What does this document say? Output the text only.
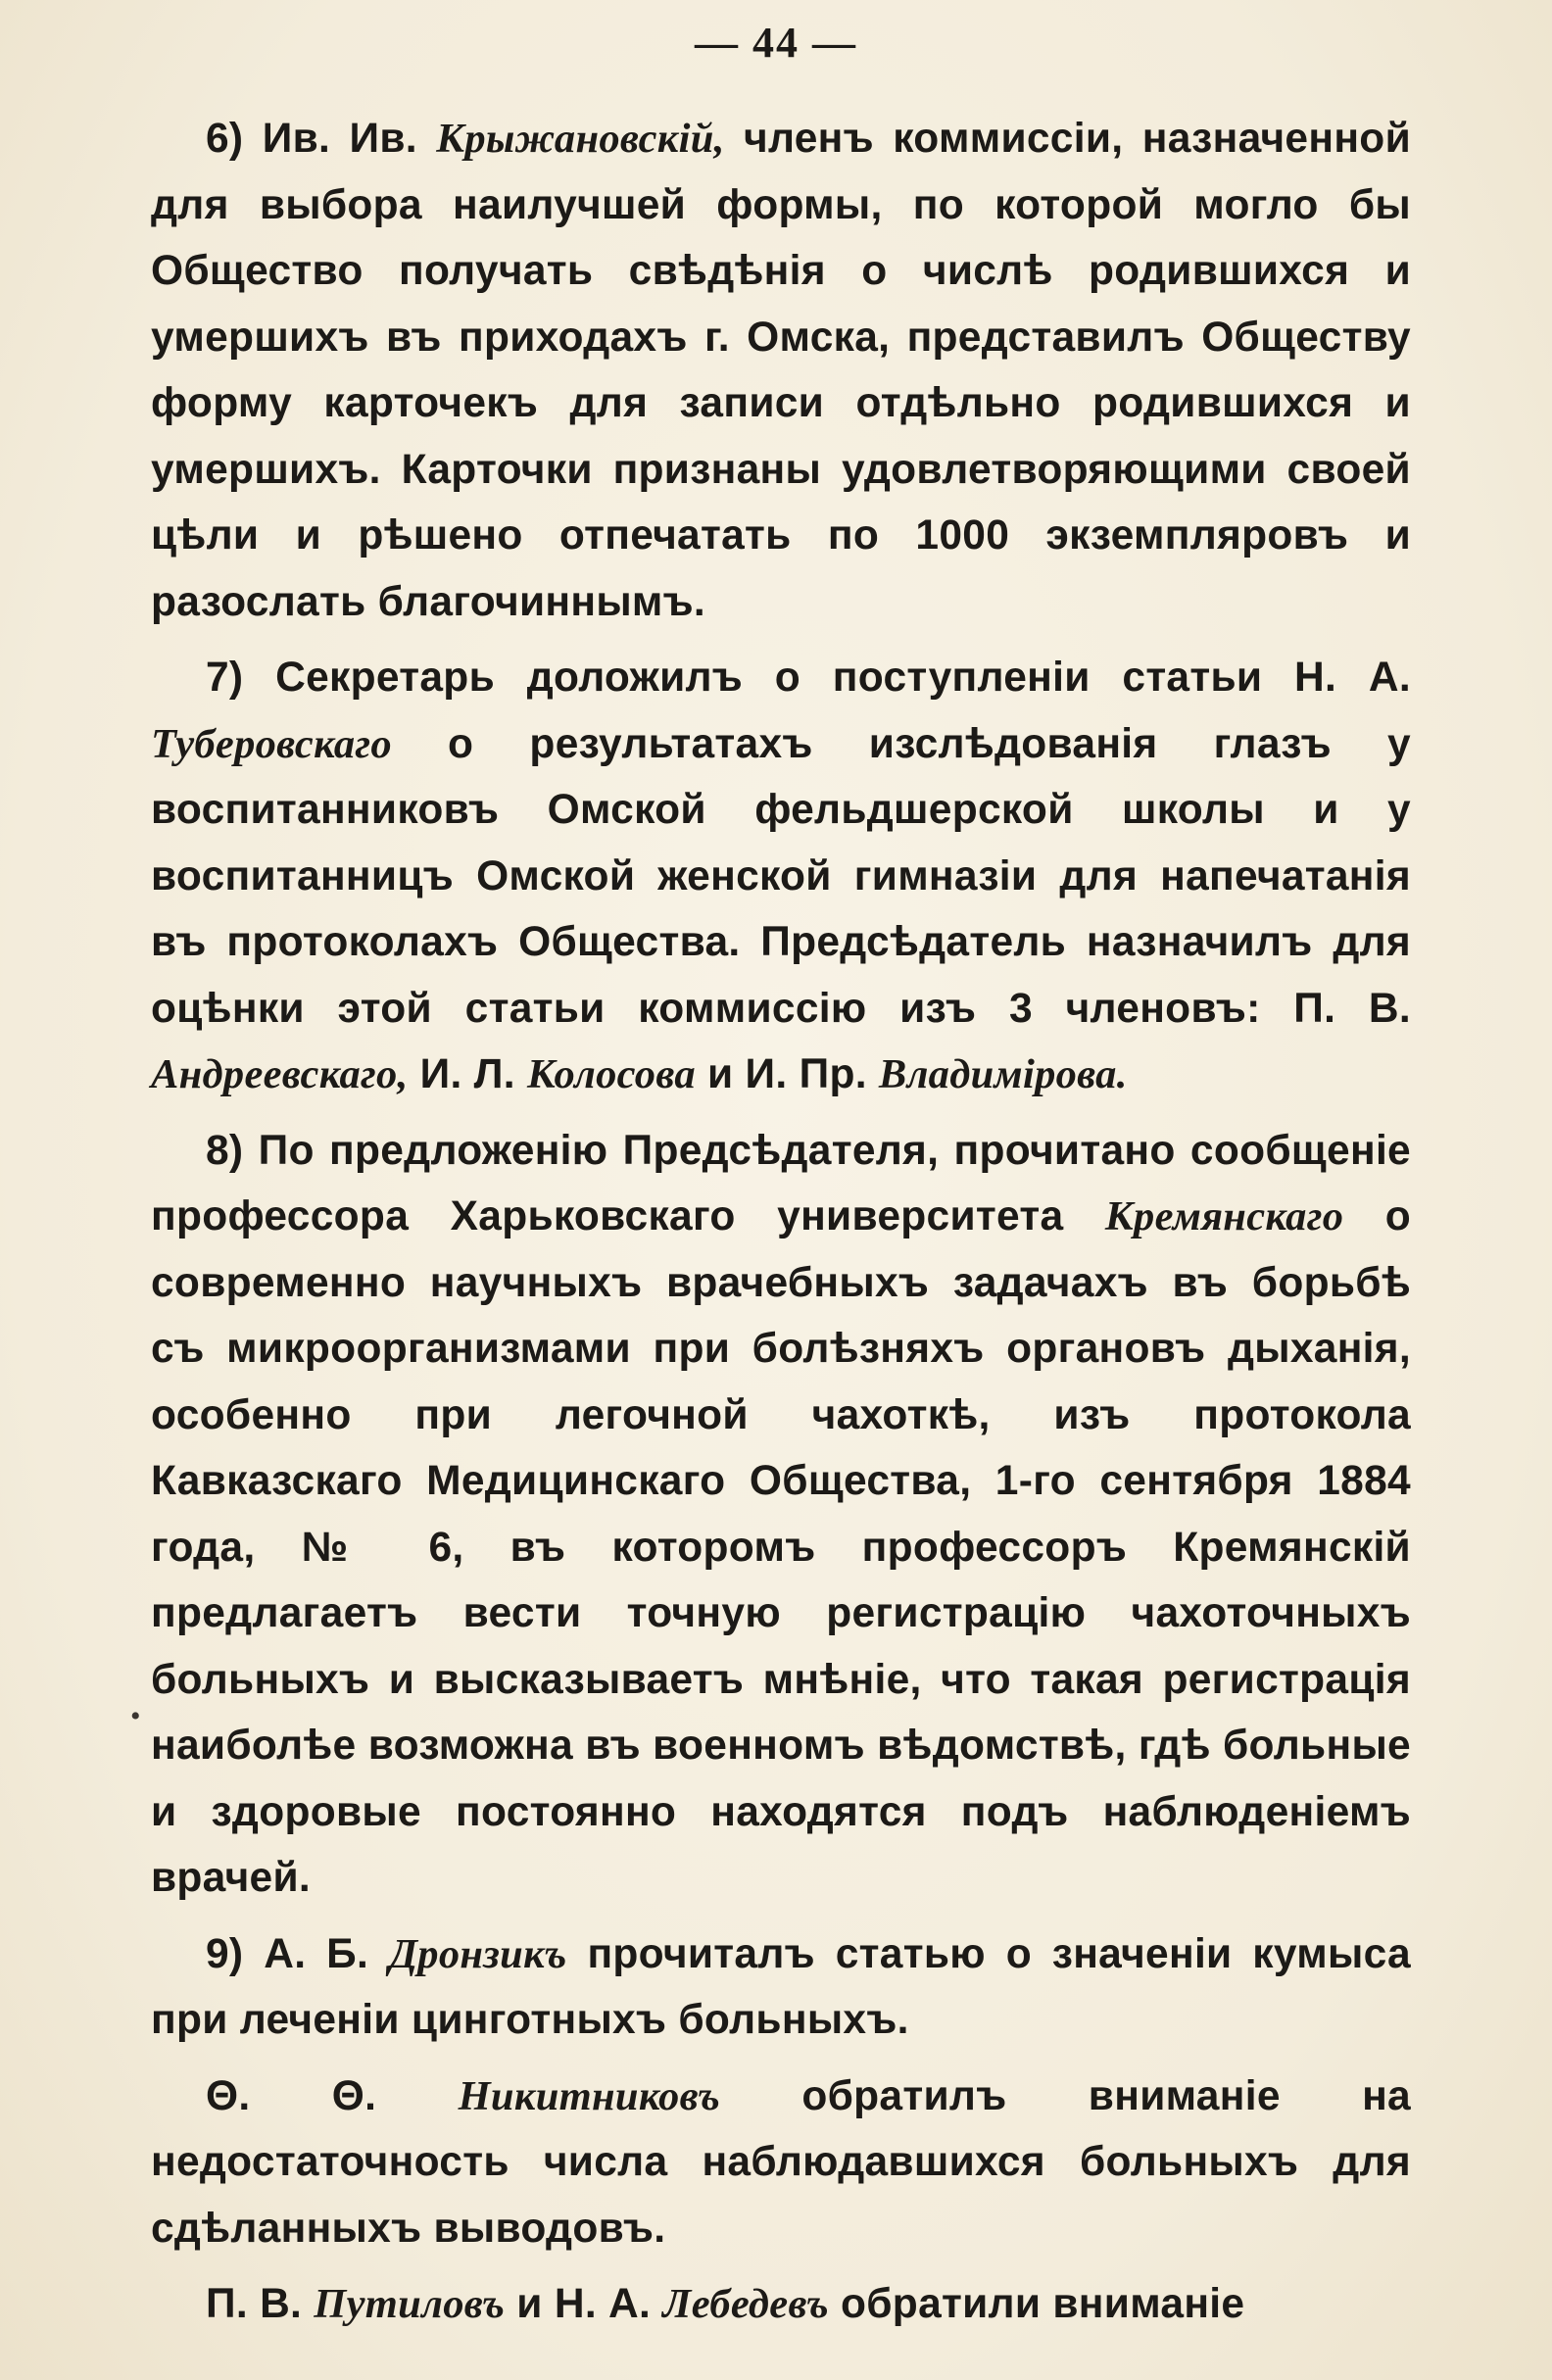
— 44 —

6) Ив. Ив. Крыжановскій, членъ коммиссіи, назначенной для выбора наилучшей формы, по которой могло бы Общество получать свѣдѣнія о числѣ родившихся и умершихъ въ приходахъ г. Омска, представилъ Обществу форму карточекъ для записи отдѣльно родившихся и умершихъ. Карточки признаны удовлетворяющими своей цѣли и рѣшено отпечатать по 1000 экземпляровъ и разослать благочиннымъ.

7) Секретарь доложилъ о поступленіи статьи Н. А. Туберовскаго о результатахъ изслѣдованія глазъ у воспитанниковъ Омской фельдшерской школы и у воспитанницъ Омской женской гимназіи для напечатанія въ протоколахъ Общества. Предсѣдатель назначилъ для оцѣнки этой статьи коммиссію изъ 3 членовъ: П. В. Андреевскаго, И. Л. Колосова и И. Пр. Владимірова.

8) По предложенію Предсѣдателя, прочитано сообщеніе профессора Харьковскаго университета Кремянскаго о современно научныхъ врачебныхъ задачахъ въ борьбѣ съ микроорганизмами при болѣзняхъ органовъ дыханія, особенно при легочной чахоткѣ, изъ протокола Кавказскаго Медицинскаго Общества, 1-го сентября 1884 года, № 6, въ которомъ профессоръ Кремянскій предлагаетъ вести точную регистрацію чахоточныхъ больныхъ и высказываетъ мнѣніе, что такая регистрація наиболѣе возможна въ военномъ вѣдомствѣ, гдѣ больные и здоровые постоянно находятся подъ наблюденіемъ врачей.

9) А. Б. Дронзикъ прочиталъ статью о значеніи кумыса при леченіи цинготныхъ больныхъ.

Θ. Θ. Никитниковъ обратилъ вниманіе на недостаточность числа наблюдавшихся больныхъ для сдѣланныхъ выводовъ.

П. В. Путиловъ и Н. А. Лебедевъ обратили вниманіе

•
